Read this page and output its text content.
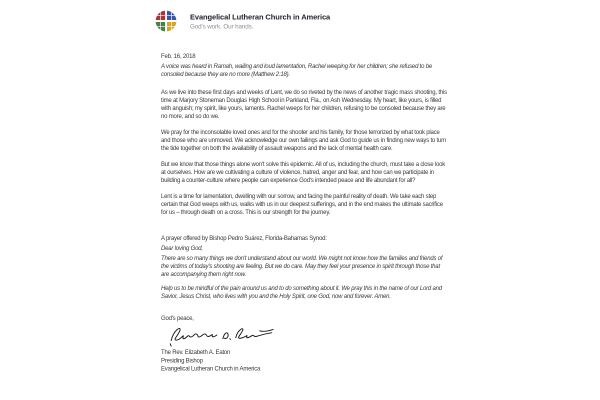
Evangelical Lutheran Church in America
God's work. Our hands.

Feb. 16, 2018

A voice was heard in Ramah, wailing and loud lamentation, Rachel weeping for her children; she refused to be consoled because they are no more (Matthew 2:18).

As we live into these first days and weeks of Lent, we do so riveted by the news of another tragic mass shooting, this time at Marjory Stoneman Douglas High School in Parkland, Fla., on Ash Wednesday. My heart, like yours, is filled with anguish; my spirit, like yours, laments. Rachel weeps for her children, refusing to be consoled because they are no more, and so do we.

We pray for the inconsolable loved ones and for the shooter and his family, for those terrorized by what took place and those who are unmoved. We acknowledge our own failings and ask God to guide us in finding new ways to turn the tide together on both the availability of assault weapons and the lack of mental health care.

But we know that those things alone won't solve this epidemic. All of us, including the church, must take a close look at ourselves. How are we cultivating a culture of violence, hatred, anger and fear, and how can we participate in building a counter-culture where people can experience God's intended peace and life abundant for all?

Lent is a time for lamentation, dwelling with our sorrow, and facing the painful reality of death. We take each step certain that God weeps with us, walks with us in our deepest sufferings, and in the end makes the ultimate sacrifice for us – through death on a cross. This is our strength for the journey.

A prayer offered by Bishop Pedro Suárez, Florida-Bahamas Synod:

Dear loving God,

There are so many things we don't understand about our world. We might not know how the families and friends of the victims of today's shooting are feeling. But we do care. May they feel your presence in spirit through those that are accompanying them right now.

Help us to be mindful of the pain around us and to do something about it. We pray this in the name of our Lord and Savior, Jesus Christ, who lives with you and the Holy Spirit, one God, now and forever. Amen.

God's peace,

The Rev. Elizabeth A. Eaton

Presiding Bishop

Evangelical Lutheran Church in America
